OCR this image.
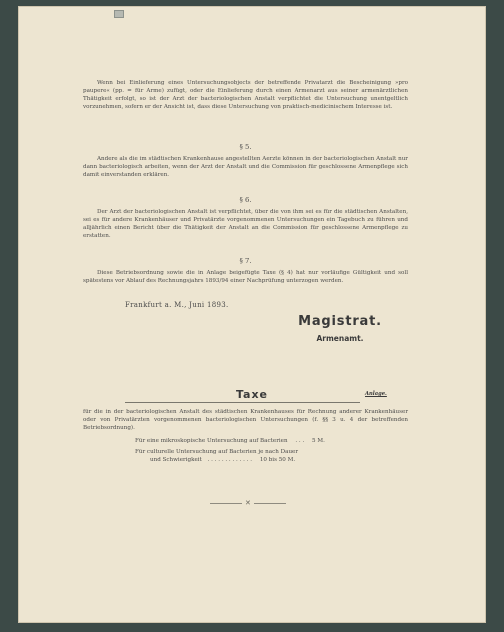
Wenn bei Einlieferung eines Untersuchungsobjects der betreffende Privatarzt die Bescheinigung »pro paupere« (pp. = für Arme) zufügt, oder die Einlieferung durch einen Armenarzt aus seiner armenärztlichen Thätigkeit erfolgt, so ist der Arzt der bacteriologischen Anstalt verpflichtet die Untersuchung unentgeltlich vorzunehmen, sofern er der Ansicht ist, dass diese Untersuchung von praktisch-medicinischem Interesse ist.

§ 5.

Andere als die im städtischen Krankenhause angestellten Aerzte können in der bacteriologischen Anstalt nur dann bacteriologisch arbeiten, wenn der Arzt der Anstalt und die Commission für geschlossene Armenpflege sich damit einverstanden erklären.

§ 6.

Der Arzt der bacteriologischen Anstalt ist verpflichtet, über die von ihm sei es für die städtischen Anstalten, sei es für andere Krankenhäuser und Privatärzte vorgenommenen Untersuchungen ein Tagebuch zu führen und alljährlich einen Bericht über die Thätigkeit der Anstalt an die Commission für geschlossene Armenpflege zu erstatten.

§ 7.

Diese Betriebsordnung sowie die in Anlage beigefügte Taxe (§ 4) hat nur vorläufige Gültigkeit und soll spätestens vor Ablauf des Rechnungsjahrs 1893/94 einer Nachprüfung unterzogen werden.

Frankfurt a. M., Juni 1893.
Magistrat.
Armenamt.
Taxe	Anlage.
für die in der bacteriologischen Anstalt des städtischen Krankenhauses für Rechnung anderer Krankenhäuser oder von Privatärzten vorgenommenen bacteriologischen Untersuchungen (f. §§ 3 u. 4 der betreffenden Betriebsordnung).
Für eine mikroskopische Untersuchung auf Bacterien . . . 5 M.
Für culturelle Untersuchung auf Bacterien je nach Dauer
und Schwierigkeit . . . . . . . . . . . . . 10 bis 50 M.
✕
